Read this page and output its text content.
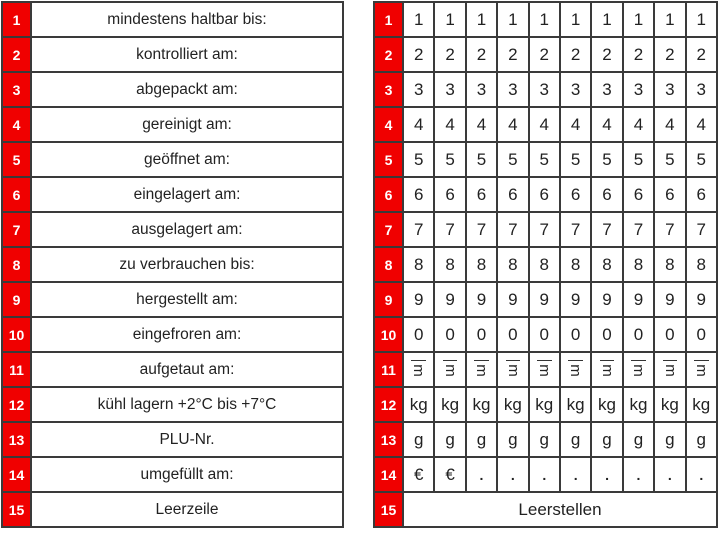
1	mindestens haltbar bis:
2	kontrolliert am:
3	abgepackt am:
4	gereinigt am:
5	geöffnet am:
6	eingelagert am:
7	ausgelagert am:
8	zu verbrauchen bis:
9	hergestellt am:
10	eingefroren am:
11	aufgetaut am:
12	kühl lagern +2°C bis +7°C
13	PLU-Nr.
14	umgefüllt am:
15	Leerzeile
1	1	1	1	1	1	1	1	1	1	1
2	2	2	2	2	2	2	2	2	2	2
3	3	3	3	3	3	3	3	3	3	3
4	4	4	4	4	4	4	4	4	4	4
5	5	5	5	5	5	5	5	5	5	5
6	6	6	6	6	6	6	6	6	6	6
7	7	7	7	7	7	7	7	7	7	7
8	8	8	8	8	8	8	8	8	8	8
9	9	9	9	9	9	9	9	9	9	9
10	0	0	0	0	0	0	0	0	0	0
11	m	m	m	m	m	m	m	m	m	m
12	kg	kg	kg	kg	kg	kg	kg	kg	kg	kg
13	g	g	g	g	g	g	g	g	g	g
14	€	€	.	.	.	.	.	.	.	.
15	Leerstellen									
